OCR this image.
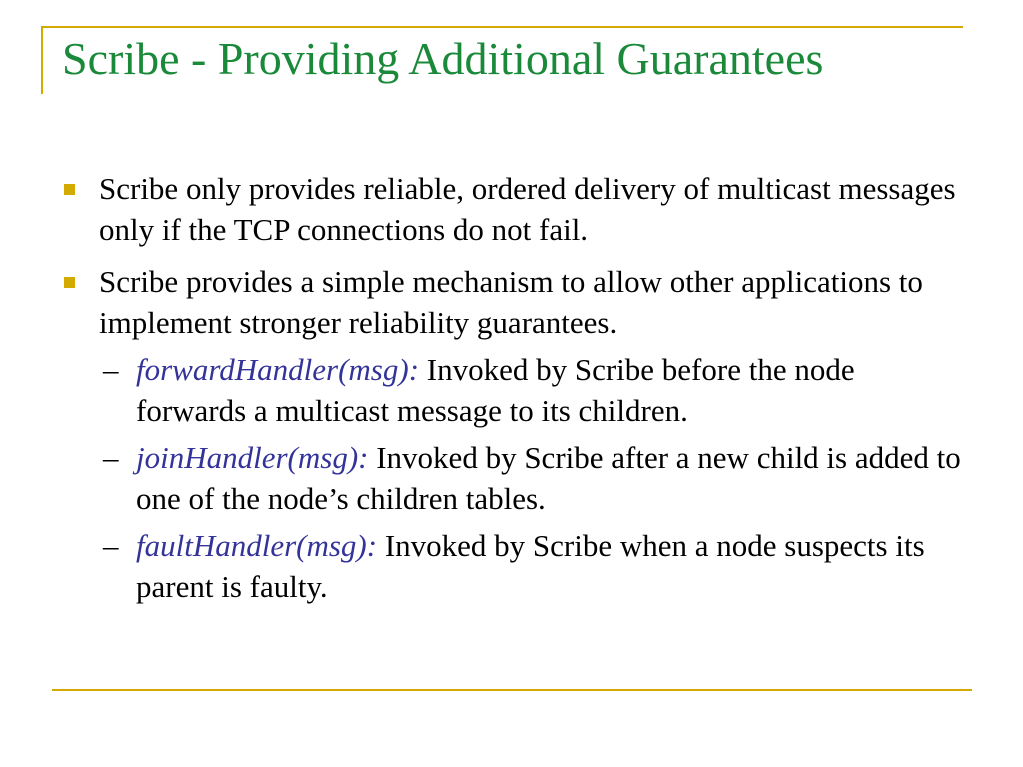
Scribe - Providing Additional Guarantees
Scribe only provides reliable, ordered delivery of multicast messages only if the TCP connections do not fail.
Scribe provides a simple mechanism to allow other applications to implement stronger reliability guarantees.
– forwardHandler(msg): Invoked by Scribe before the node forwards a multicast message to its children.
– joinHandler(msg): Invoked by Scribe after a new child is added to one of the node’s children tables.
– faultHandler(msg): Invoked by Scribe when a node suspects its parent is faulty.
